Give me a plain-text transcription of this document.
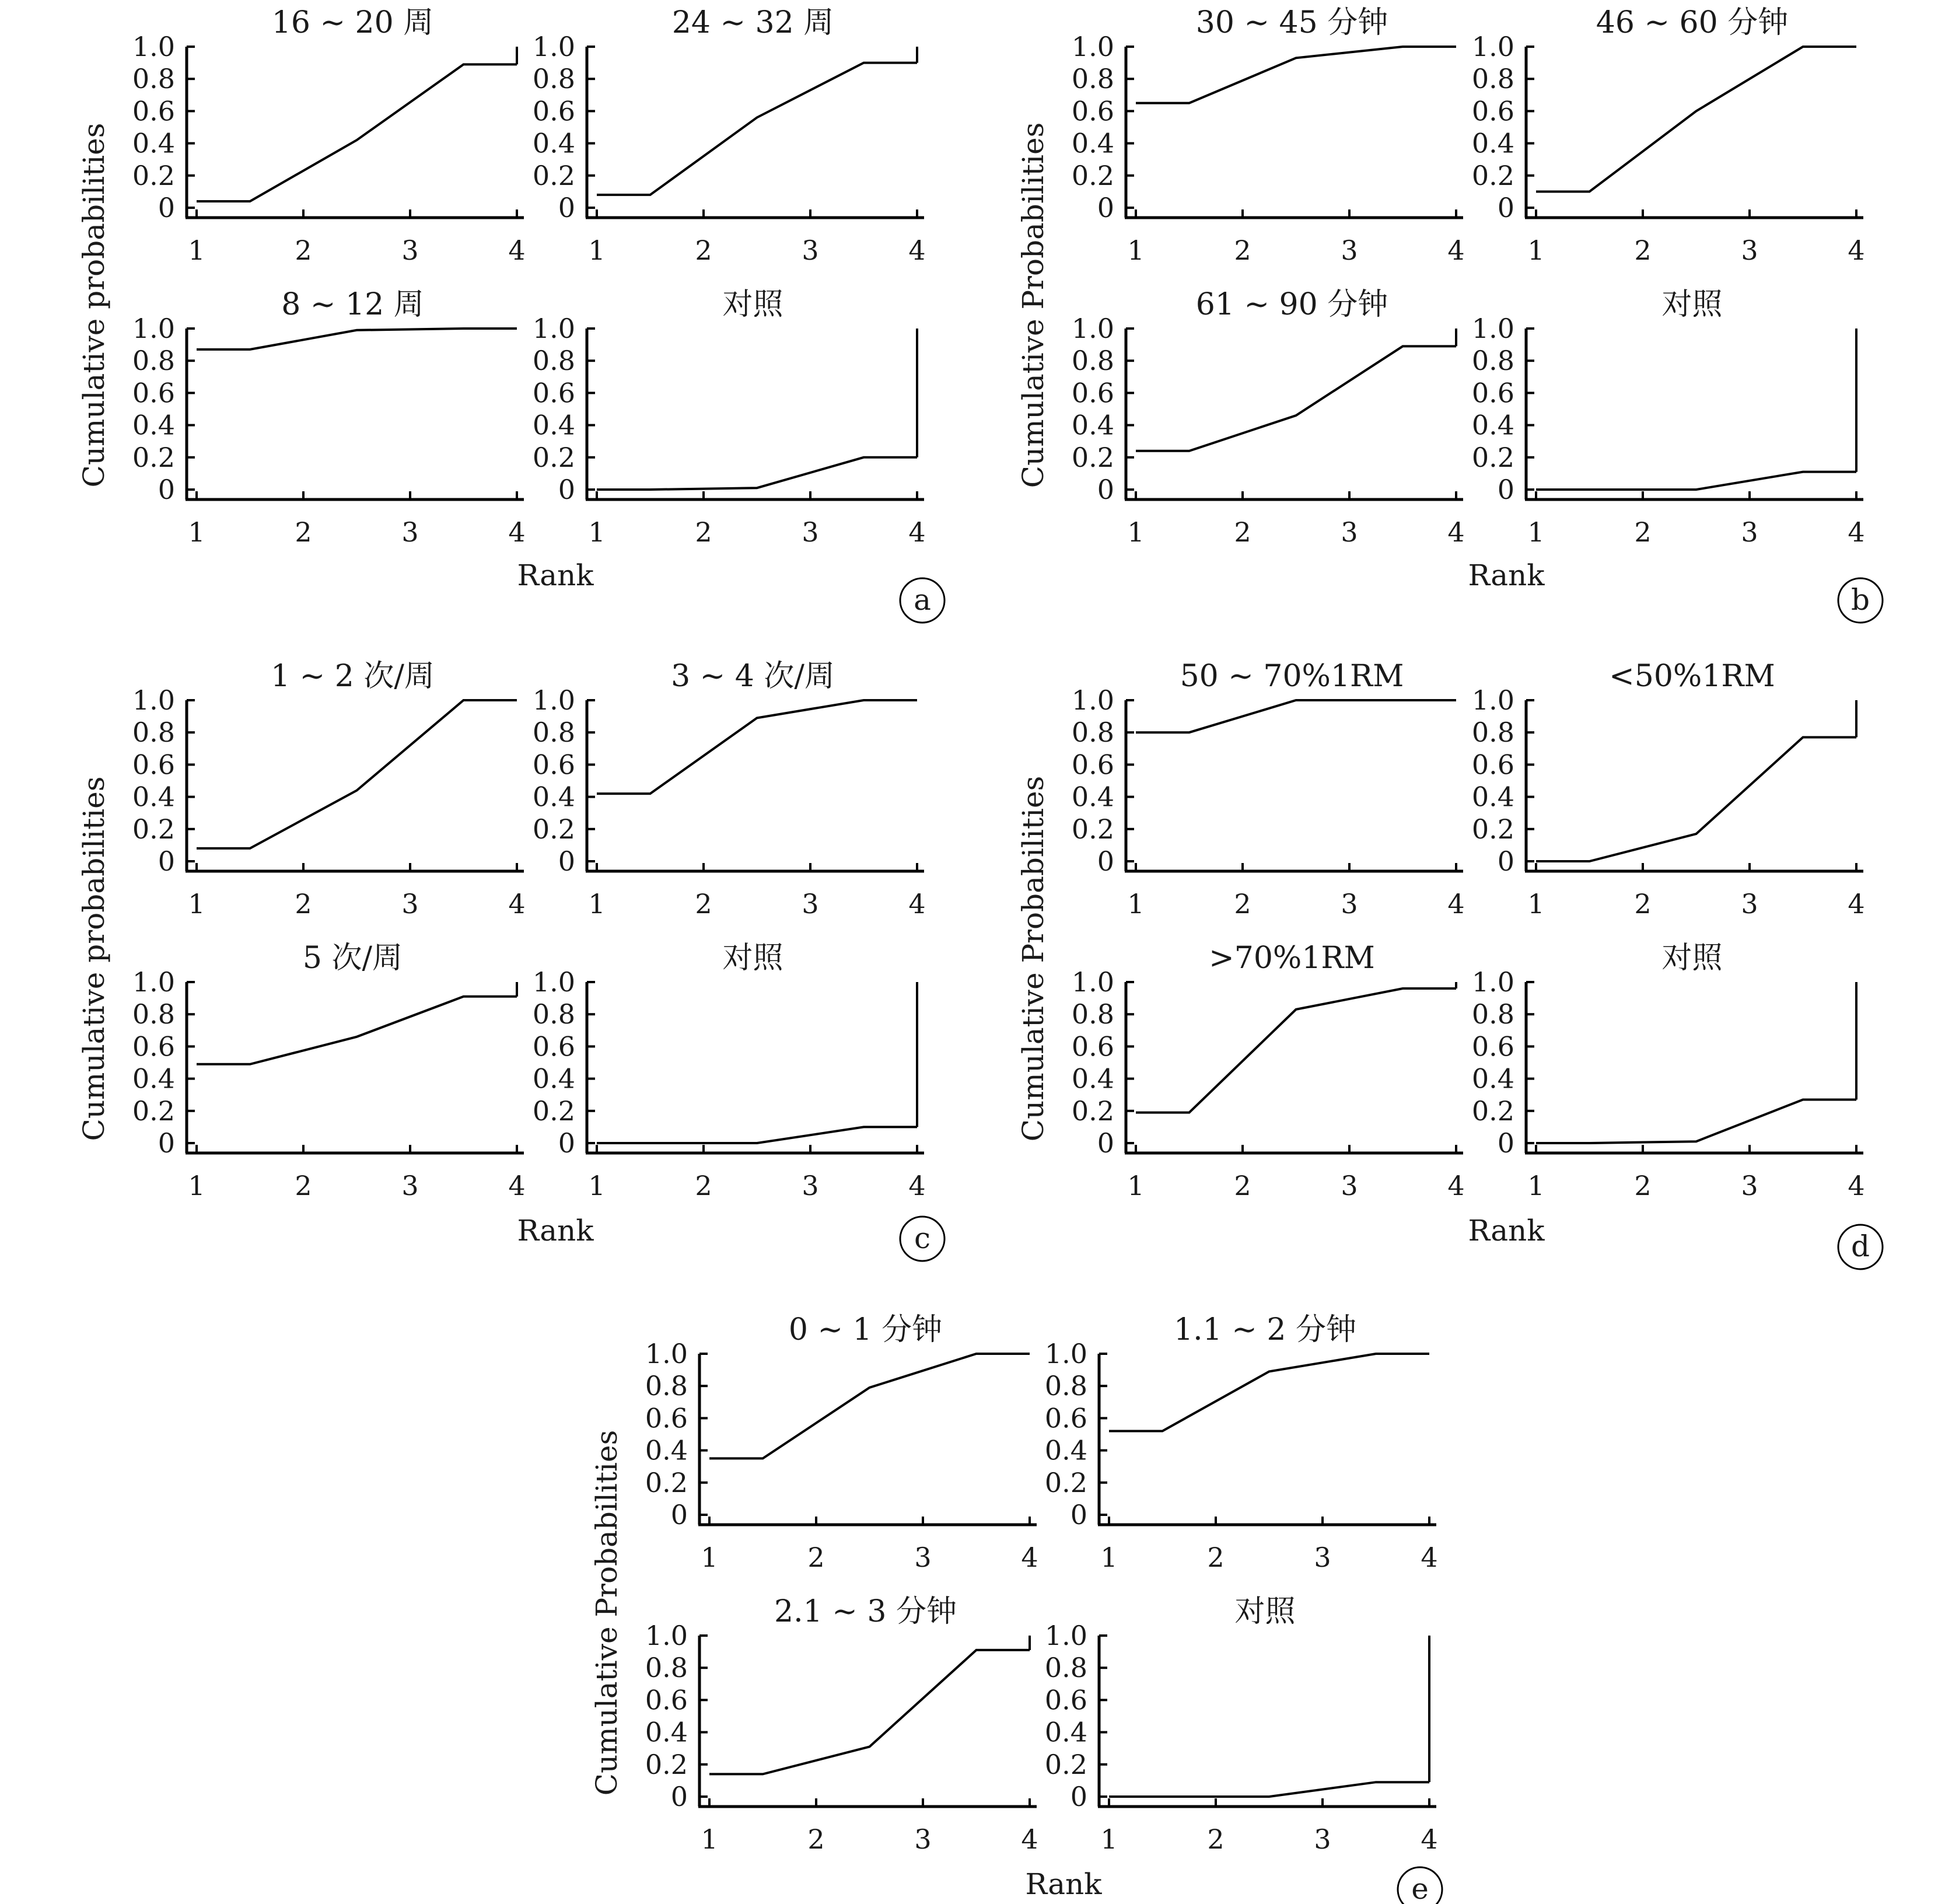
16 ~ 20 周
0
0.2
0.4
0.6
0.8
1.0
1	2	3	4
24 ~ 32 周
0
0.2
0.4
0.6
0.8
1.0
1	2	3	4
8 ~ 12 周
0
0.2
0.4
0.6
0.8
1.0
1	2	3	4
对照
0
0.2
0.4
0.6
0.8
1.0
1	2	3	4
Cumulative probabilities
Rank
a
30 ~ 45 分钟
0
0.2
0.4
0.6
0.8
1.0
1	2	3	4
46 ~ 60 分钟
0
0.2
0.4
0.6
0.8
1.0
1	2	3	4
61 ~ 90 分钟
0
0.2
0.4
0.6
0.8
1.0
1	2	3	4
对照
0
0.2
0.4
0.6
0.8
1.0
1	2	3	4
Cumulative Probabilities
Rank
b
1 ~ 2 次/周
0
0.2
0.4
0.6
0.8
1.0
1	2	3	4
3 ~ 4 次/周
0
0.2
0.4
0.6
0.8
1.0
1	2	3	4
5 次/周
0
0.2
0.4
0.6
0.8
1.0
1	2	3	4
对照
0
0.2
0.4
0.6
0.8
1.0
1	2	3	4
Cumulative probabilities
Rank	c
50 ~ 70%1RM
0
0.2
0.4
0.6
0.8
1.0
1	2	3	4
<50%1RM
0
0.2
0.4
0.6
0.8
1.0
1	2	3	4
>70%1RM
0
0.2
0.4
0.6
0.8
1.0
1	2	3	4
对照
0
0.2
0.4
0.6
0.8
1.0
1	2	3	4
Cumulative Probabilities
Rank	d
0 ~ 1 分钟
0
0.2
0.4
0.6
0.8
1.0
1	2	3	4
1.1 ~ 2 分钟
0
0.2
0.4
0.6
0.8
1.0
1	2	3	4
2.1 ~ 3 分钟
0
0.2
0.4
0.6
0.8
1.0
1	2	3	4
对照
0
0.2
0.4
0.6
0.8
1.0
1	2	3	4
Cumulative Probabilities
Rank	e
